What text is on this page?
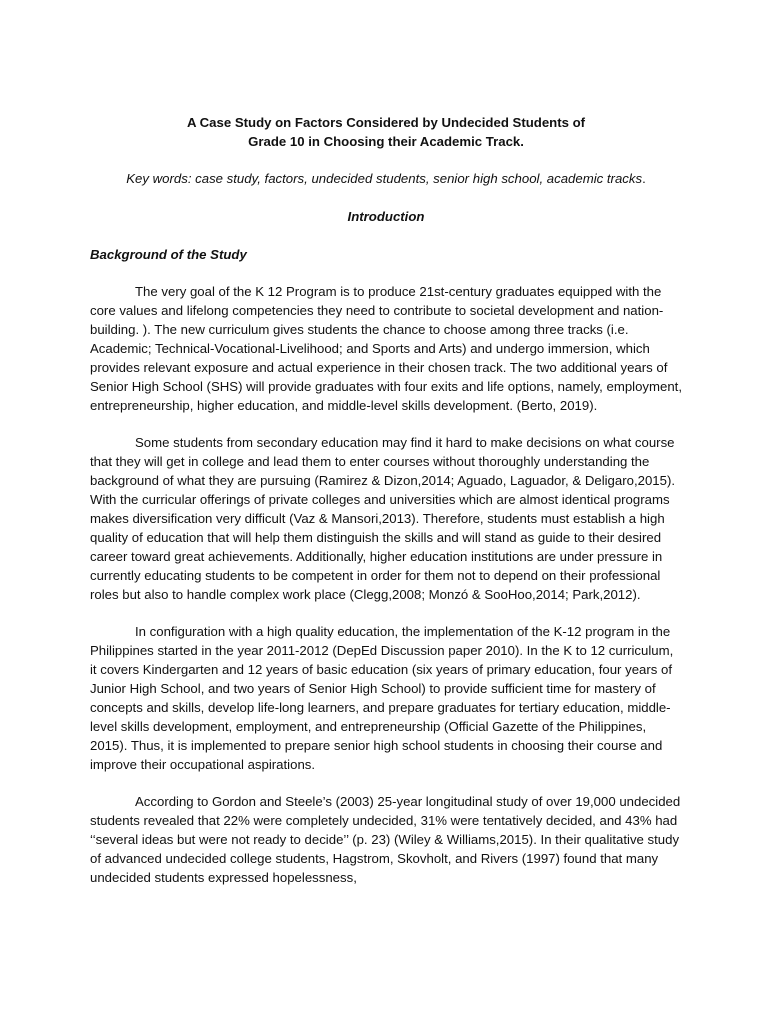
A Case Study on Factors Considered by Undecided Students of
Grade 10 in Choosing their Academic Track.

Key words: case study, factors, undecided students, senior high school, academic tracks.

Introduction

Background of the Study

The very goal of the K 12 Program is to produce 21st-century graduates equipped with the core values and lifelong competencies they need to contribute to societal development and nation-building. ). The new curriculum gives students the chance to choose among three tracks (i.e. Academic; Technical-Vocational-Livelihood; and Sports and Arts) and undergo immersion, which provides relevant exposure and actual experience in their chosen track. The two additional years of Senior High School (SHS) will provide graduates with four exits and life options, namely, employment, entrepreneurship, higher education, and middle-level skills development. (Berto, 2019).

Some students from secondary education may find it hard to make decisions on what course that they will get in college and lead them to enter courses without thoroughly understanding the background of what they are pursuing (Ramirez & Dizon,2014; Aguado, Laguador, & Deligaro,2015). With the curricular offerings of private colleges and universities which are almost identical programs makes diversification very difficult (Vaz & Mansori,2013). Therefore, students must establish a high quality of education that will help them distinguish the skills and will stand as guide to their desired career toward great achievements. Additionally, higher education institutions are under pressure in currently educating students to be competent in order for them not to depend on their professional roles but also to handle complex work place (Clegg,2008; Monzó & SooHoo,2014; Park,2012).

In configuration with a high quality education, the implementation of the K-12 program in the Philippines started in the year 2011-2012 (DepEd Discussion paper 2010). In the K to 12 curriculum, it covers Kindergarten and 12 years of basic education (six years of primary education, four years of Junior High School, and two years of Senior High School) to provide sufficient time for mastery of concepts and skills, develop life-long learners, and prepare graduates for tertiary education, middle-level skills development, employment, and entrepreneurship (Official Gazette of the Philippines, 2015). Thus, it is implemented to prepare senior high school students in choosing their course and improve their occupational aspirations.

According to Gordon and Steele’s (2003) 25-year longitudinal study of over 19,000 undecided students revealed that 22% were completely undecided, 31% were tentatively decided, and 43% had ‘‘several ideas but were not ready to decide’’ (p. 23) (Wiley & Williams,2015). In their qualitative study of advanced undecided college students, Hagstrom, Skovholt, and Rivers (1997) found that many undecided students expressed hopelessness,
